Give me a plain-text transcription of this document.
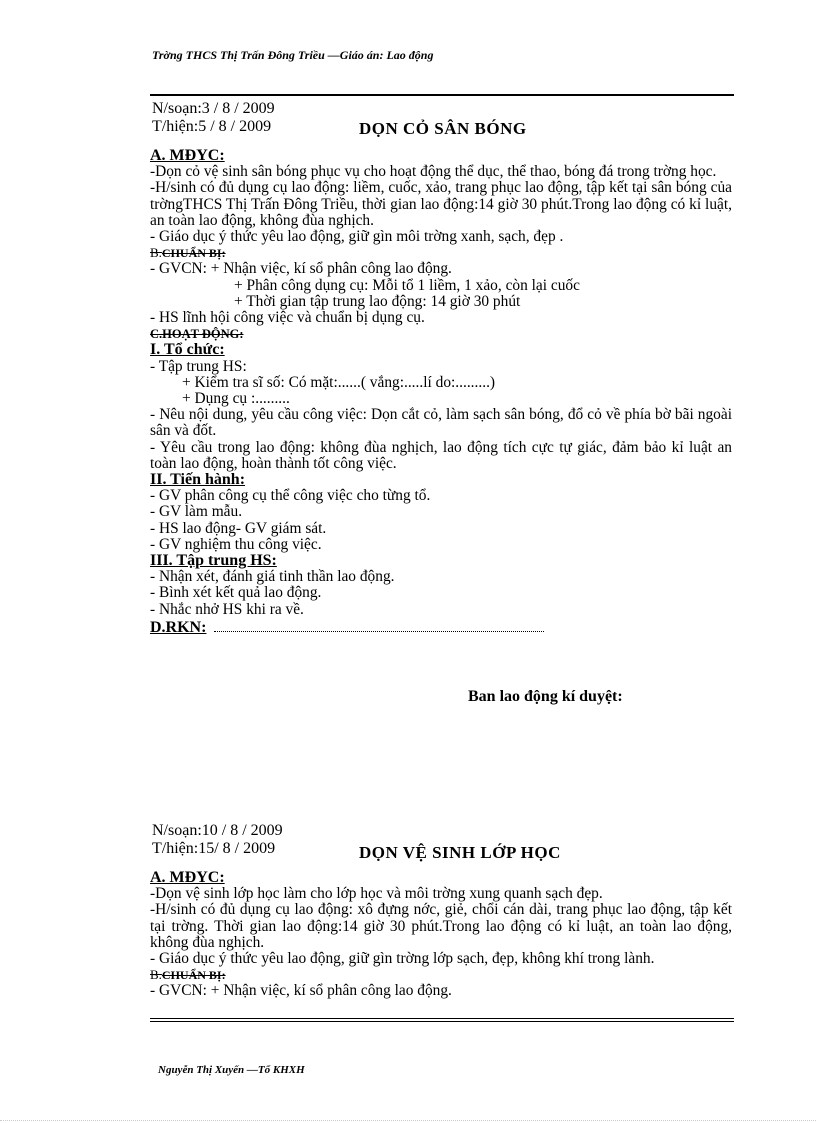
Trờng THCS Thị Trấn Đông Triều —Giáo án: Lao động
N/soạn:3 / 8 / 2009
T/hiện:5 / 8 / 2009	DỌN CỎ SÂN BÓNG

A. MĐYC:

-Dọn cỏ vệ sinh sân bóng phục vụ cho hoạt động thể dục, thể thao, bóng đá trong trờng học.

-H/sinh có đủ dụng cụ lao động: liềm, cuốc, xảo, trang phục lao động, tập kết tại sân bóng của trờngTHCS Thị Trấn Đông Triều, thời gian lao động:14 giờ 30 phút.Trong lao động có kỉ luật, an toàn lao động, không đùa nghịch.

- Giáo dục ý thức yêu lao động, giữ gìn môi trờng xanh, sạch, đẹp .

B.CHUẨN BỊ:

- GVCN: + Nhận việc, kí sổ phân công lao động.

+ Phân công dụng cụ: Mỗi tổ 1 liềm, 1 xảo, còn lại cuốc

+ Thời gian tập trung lao động: 14 giờ 30 phút

- HS lĩnh hội công việc và chuẩn bị dụng cụ.

C.HOẠT ĐỘNG:

I. Tổ chức:

- Tập trung HS:

+ Kiểm tra sĩ số: Có mặt:......( vắng:.....lí do:.........)

+ Dụng cụ :.........

- Nêu nội dung, yêu cầu công việc: Dọn cắt cỏ, làm sạch sân bóng, đổ cỏ về phía bờ bãi ngoài sân và đốt.

- Yêu cầu trong lao động: không đùa nghịch, lao động tích cực tự giác, đảm bảo kỉ luật an toàn lao động, hoàn thành tốt công việc.

II. Tiến hành:

- GV phân công cụ thể công việc cho từng tổ.

- GV làm mẫu.

- HS lao động- GV giám sát.

- GV nghiệm thu công việc.

III. Tập trung HS:

- Nhận xét, đánh giá tinh thần lao động.

- Bình xét kết quả lao động.

- Nhắc nhở HS khi ra về.

D.RKN:

Ban lao động kí duyệt:
N/soạn:10 / 8 / 2009
T/hiện:15/ 8 / 2009	DỌN VỆ SINH LỚP HỌC

A. MĐYC:

-Dọn vệ sinh lớp học làm cho lớp học và môi trờng xung quanh sạch đẹp.

-H/sinh có đủ dụng cụ lao động: xô đựng nớc, giẻ, chổi cán dài, trang phục lao động, tập kết tại trờng. Thời gian lao động:14 giờ 30 phút.Trong lao động có kỉ luật, an toàn lao động, không đùa nghịch.

- Giáo dục ý thức yêu lao động, giữ gìn trờng lớp sạch, đẹp, không khí trong lành.

B.CHUẨN BỊ:

- GVCN: + Nhận việc, kí sổ phân công lao động.

Nguyễn Thị Xuyến —Tổ KHXH
